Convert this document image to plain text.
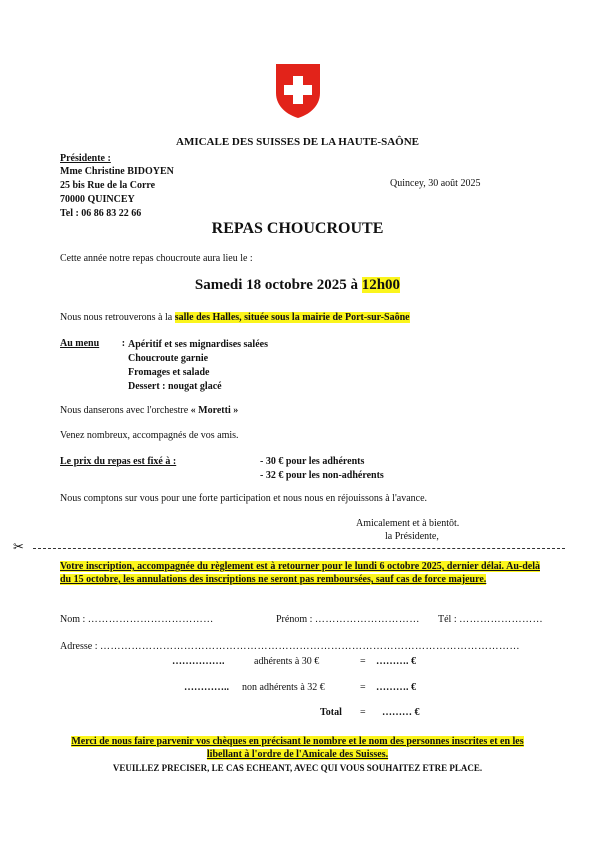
AMICALE DES SUISSES DE LA HAUTE-SAÔNE
Présidente :
Mme Christine BIDOYEN
25 bis Rue de la Corre
70000 QUINCEY
Tel : 06 86 83 22 66
Quincey, 30 août 2025
REPAS CHOUCROUTE
Cette année notre repas choucroute aura lieu le :
Samedi 18 octobre 2025 à 12h00
Nous nous retrouverons à la salle des Halles, située sous la mairie de Port-sur-Saône
Au menu : Apéritif et ses mignardises salées
Choucroute garnie
Fromages et salade
Dessert : nougat glacé
Nous danserons avec l'orchestre « Moretti »
Venez nombreux, accompagnés de vos amis.
Le prix du repas est fixé à :	- 30 € pour les adhérents
- 32 € pour les non-adhérents
Nous comptons sur vous pour une forte participation et nous nous en réjouissons à l'avance.
Amicalement et à bientôt.
la Présidente,
✂
Votre inscription, accompagnée du règlement est à retourner pour le lundi 6 octobre 2025, dernier délai. Au-delà du 15 octobre, les annulations des inscriptions ne seront pas remboursées, sauf cas de force majeure.
Nom : ………………………………	Prénom : ………………………… Tél : ……………………
Adresse : …………………………………………………………………………………………………………
…………….	adhérents à 30 €	= ………. €
………….. non adhérents à 32 €	= ………. €
Total = ……… €
Merci de nous faire parvenir vos chèques en précisant le nombre et le nom des personnes inscrites et en les libellant à l'ordre de l'Amicale des Suisses.
VEUILLEZ PRECISER, LE CAS ECHEANT, AVEC QUI VOUS SOUHAITEZ ETRE PLACE.
